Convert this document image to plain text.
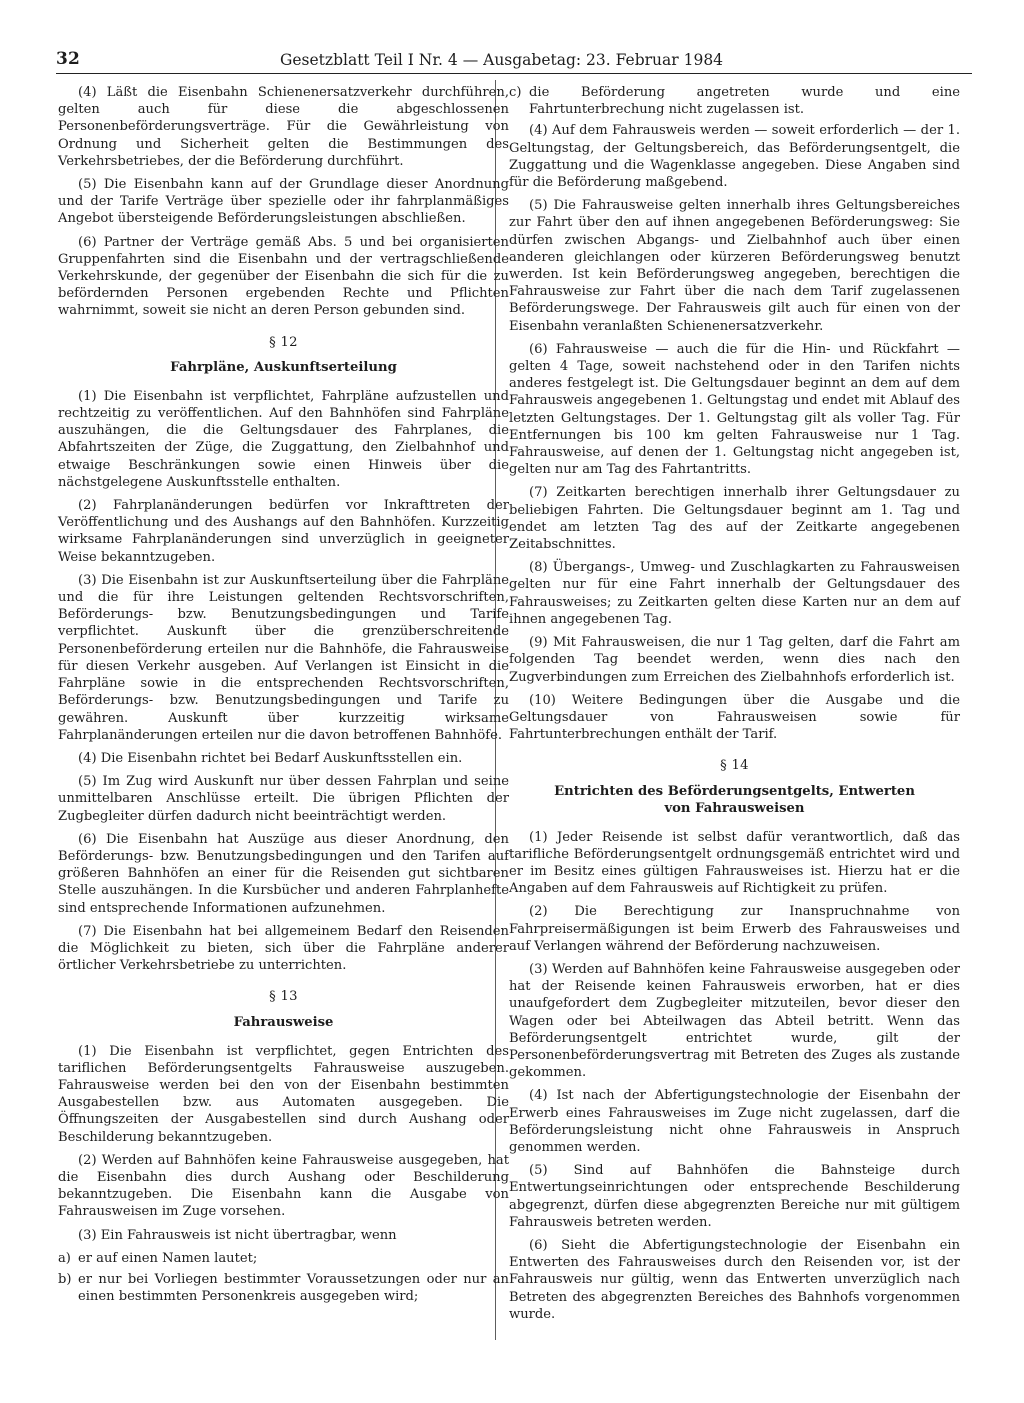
32	Gesetzblatt Teil I Nr. 4 — Ausgabetag: 23. Februar 1984

(4) Läßt die Eisenbahn Schienenersatzverkehr durchführen, gelten auch für diese die abgeschlossenen Personenbeförderungsverträge. Für die Gewährleistung von Ordnung und Sicherheit gelten die Bestimmungen des Verkehrsbetriebes, der die Beförderung durchführt.

(5) Die Eisenbahn kann auf der Grundlage dieser Anordnung und der Tarife Verträge über spezielle oder ihr fahrplanmäßiges Angebot übersteigende Beförderungsleistungen abschließen.

(6) Partner der Verträge gemäß Abs. 5 und bei organisierten Gruppenfahrten sind die Eisenbahn und der vertragschließende Verkehrskunde, der gegenüber der Eisenbahn die sich für die zu befördernden Personen ergebenden Rechte und Pflichten wahrnimmt, soweit sie nicht an deren Person gebunden sind.

§ 12
Fahrpläne, Auskunftserteilung

(1) Die Eisenbahn ist verpflichtet, Fahrpläne aufzustellen und rechtzeitig zu veröffentlichen. Auf den Bahnhöfen sind Fahrpläne auszuhängen, die die Geltungsdauer des Fahrplanes, die Abfahrtszeiten der Züge, die Zuggattung, den Zielbahnhof und etwaige Beschränkungen sowie einen Hinweis über die nächstgelegene Auskunftsstelle enthalten.

(2) Fahrplanänderungen bedürfen vor Inkrafttreten der Veröffentlichung und des Aushangs auf den Bahnhöfen. Kurzzeitig wirksame Fahrplanänderungen sind unverzüglich in geeigneter Weise bekanntzugeben.

(3) Die Eisenbahn ist zur Auskunftserteilung über die Fahrpläne und die für ihre Leistungen geltenden Rechtsvorschriften, Beförderungs- bzw. Benutzungsbedingungen und Tarife verpflichtet. Auskunft über die grenzüberschreitende Personenbeförderung erteilen nur die Bahnhöfe, die Fahrausweise für diesen Verkehr ausgeben. Auf Verlangen ist Einsicht in die Fahrpläne sowie in die entsprechenden Rechtsvorschriften, Beförderungs- bzw. Benutzungsbedingungen und Tarife zu gewähren. Auskunft über kurzzeitig wirksame Fahrplanänderungen erteilen nur die davon betroffenen Bahnhöfe.

(4) Die Eisenbahn richtet bei Bedarf Auskunftsstellen ein.

(5) Im Zug wird Auskunft nur über dessen Fahrplan und seine unmittelbaren Anschlüsse erteilt. Die übrigen Pflichten der Zugbegleiter dürfen dadurch nicht beeinträchtigt werden.

(6) Die Eisenbahn hat Auszüge aus dieser Anordnung, den Beförderungs- bzw. Benutzungsbedingungen und den Tarifen auf größeren Bahnhöfen an einer für die Reisenden gut sichtbaren Stelle auszuhängen. In die Kursbücher und anderen Fahrplanhefte sind entsprechende Informationen aufzunehmen.

(7) Die Eisenbahn hat bei allgemeinem Bedarf den Reisenden die Möglichkeit zu bieten, sich über die Fahrpläne anderer örtlicher Verkehrsbetriebe zu unterrichten.

§ 13
Fahrausweise

(1) Die Eisenbahn ist verpflichtet, gegen Entrichten des tariflichen Beförderungsentgelts Fahrausweise auszugeben. Fahrausweise werden bei den von der Eisenbahn bestimmten Ausgabestellen bzw. aus Automaten ausgegeben. Die Öffnungszeiten der Ausgabestellen sind durch Aushang oder Beschilderung bekanntzugeben.

(2) Werden auf Bahnhöfen keine Fahrausweise ausgegeben, hat die Eisenbahn dies durch Aushang oder Beschilderung bekanntzugeben. Die Eisenbahn kann die Ausgabe von Fahrausweisen im Zuge vorsehen.

(3) Ein Fahrausweis ist nicht übertragbar, wenn

a) er auf einen Namen lautet;
b) er nur bei Vorliegen bestimmter Voraussetzungen oder nur an einen bestimmten Personenkreis ausgegeben wird;
c) die Beförderung angetreten wurde und eine Fahrtunterbrechung nicht zugelassen ist.

(4) Auf dem Fahrausweis werden — soweit erforderlich — der 1. Geltungstag, der Geltungsbereich, das Beförderungsentgelt, die Zuggattung und die Wagenklasse angegeben. Diese Angaben sind für die Beförderung maßgebend.

(5) Die Fahrausweise gelten innerhalb ihres Geltungsbereiches zur Fahrt über den auf ihnen angegebenen Beförderungsweg: Sie dürfen zwischen Abgangs- und Zielbahnhof auch über einen anderen gleichlangen oder kürzeren Beförderungsweg benutzt werden. Ist kein Beförderungsweg angegeben, berechtigen die Fahrausweise zur Fahrt über die nach dem Tarif zugelassenen Beförderungswege. Der Fahrausweis gilt auch für einen von der Eisenbahn veranlaßten Schienenersatzverkehr.

(6) Fahrausweise — auch die für die Hin- und Rückfahrt — gelten 4 Tage, soweit nachstehend oder in den Tarifen nichts anderes festgelegt ist. Die Geltungsdauer beginnt an dem auf dem Fahrausweis angegebenen 1. Geltungstag und endet mit Ablauf des letzten Geltungstages. Der 1. Geltungstag gilt als voller Tag. Für Entfernungen bis 100 km gelten Fahrausweise nur 1 Tag. Fahrausweise, auf denen der 1. Geltungstag nicht angegeben ist, gelten nur am Tag des Fahrtantritts.

(7) Zeitkarten berechtigen innerhalb ihrer Geltungsdauer zu beliebigen Fahrten. Die Geltungsdauer beginnt am 1. Tag und endet am letzten Tag des auf der Zeitkarte angegebenen Zeitabschnittes.

(8) Übergangs-, Umweg- und Zuschlagkarten zu Fahrausweisen gelten nur für eine Fahrt innerhalb der Geltungsdauer des Fahrausweises; zu Zeitkarten gelten diese Karten nur an dem auf ihnen angegebenen Tag.

(9) Mit Fahrausweisen, die nur 1 Tag gelten, darf die Fahrt am folgenden Tag beendet werden, wenn dies nach den Zugverbindungen zum Erreichen des Zielbahnhofs erforderlich ist.

(10) Weitere Bedingungen über die Ausgabe und die Geltungsdauer von Fahrausweisen sowie für Fahrtunterbrechungen enthält der Tarif.

§ 14
Entrichten des Beförderungsentgelts, Entwerten
von Fahrausweisen

(1) Jeder Reisende ist selbst dafür verantwortlich, daß das tarifliche Beförderungsentgelt ordnungsgemäß entrichtet wird und er im Besitz eines gültigen Fahrausweises ist. Hierzu hat er die Angaben auf dem Fahrausweis auf Richtigkeit zu prüfen.

(2) Die Berechtigung zur Inanspruchnahme von Fahrpreisermäßigungen ist beim Erwerb des Fahrausweises und auf Verlangen während der Beförderung nachzuweisen.

(3) Werden auf Bahnhöfen keine Fahrausweise ausgegeben oder hat der Reisende keinen Fahrausweis erworben, hat er dies unaufgefordert dem Zugbegleiter mitzuteilen, bevor dieser den Wagen oder bei Abteilwagen das Abteil betritt. Wenn das Beförderungsentgelt entrichtet wurde, gilt der Personenbeförderungsvertrag mit Betreten des Zuges als zustande gekommen.

(4) Ist nach der Abfertigungstechnologie der Eisenbahn der Erwerb eines Fahrausweises im Zuge nicht zugelassen, darf die Beförderungsleistung nicht ohne Fahrausweis in Anspruch genommen werden.

(5) Sind auf Bahnhöfen die Bahnsteige durch Entwertungseinrichtungen oder entsprechende Beschilderung abgegrenzt, dürfen diese abgegrenzten Bereiche nur mit gültigem Fahrausweis betreten werden.

(6) Sieht die Abfertigungstechnologie der Eisenbahn ein Entwerten des Fahrausweises durch den Reisenden vor, ist der Fahrausweis nur gültig, wenn das Entwerten unverzüglich nach Betreten des abgegrenzten Bereiches des Bahnhofs vorgenommen wurde.
